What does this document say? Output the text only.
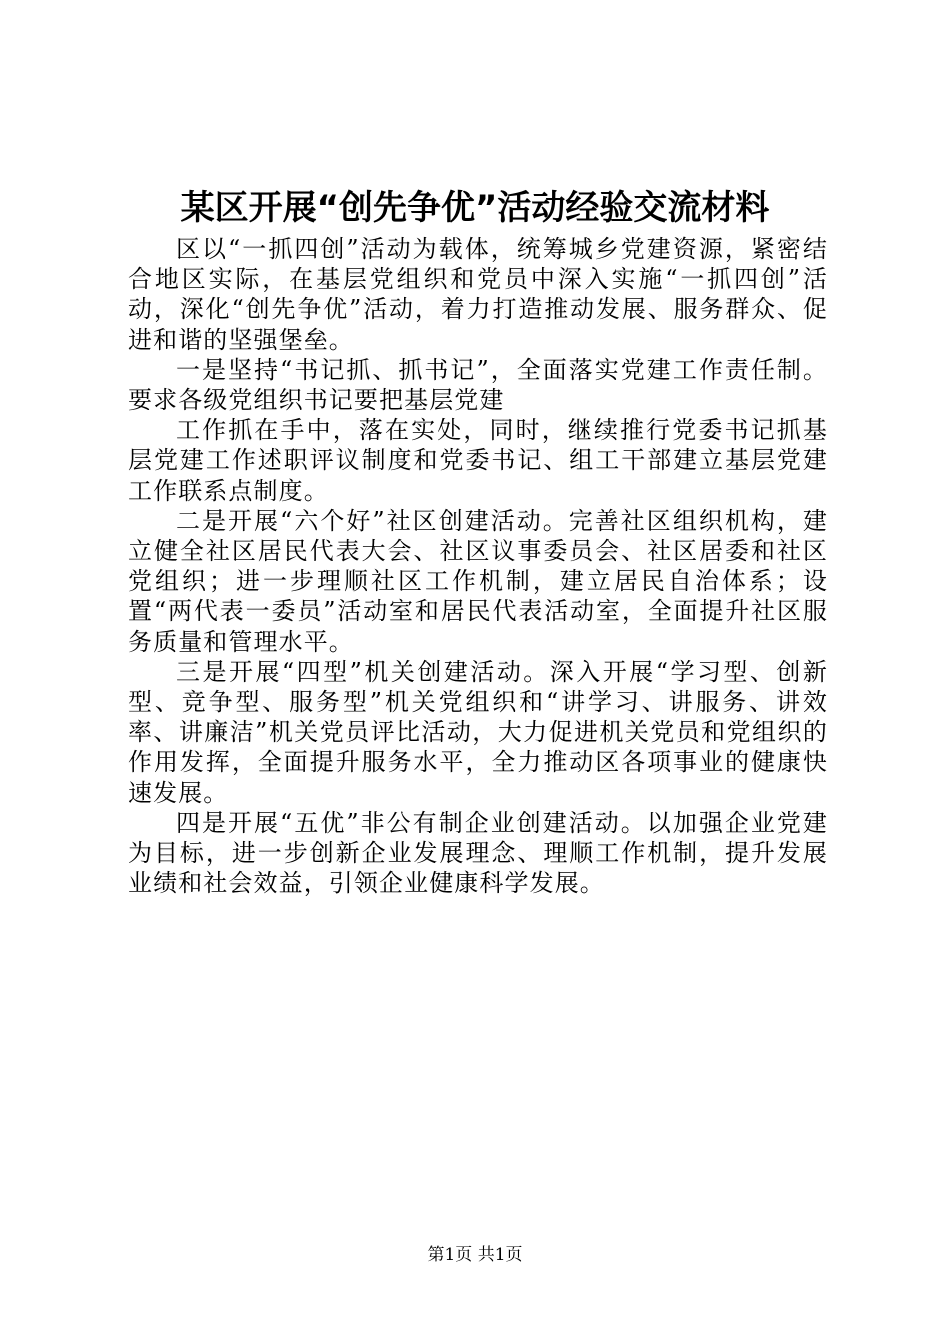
某区开展“创先争优”活动经验交流材料

区以“一抓四创”活动为载体，统筹城乡党建资源，紧密结合地区实际，在基层党组织和党员中深入实施“一抓四创”活动，深化“创先争优”活动，着力打造推动发展、服务群众、促进和谐的坚强堡垒。

一是坚持“书记抓、抓书记”，全面落实党建工作责任制。要求各级党组织书记要把基层党建

工作抓在手中，落在实处，同时，继续推行党委书记抓基层党建工作述职评议制度和党委书记、组工干部建立基层党建工作联系点制度。

二是开展“六个好”社区创建活动。完善社区组织机构，建立健全社区居民代表大会、社区议事委员会、社区居委和社区党组织；进一步理顺社区工作机制，建立居民自治体系；设置“两代表一委员”活动室和居民代表活动室，全面提升社区服务质量和管理水平。

三是开展“四型”机关创建活动。深入开展“学习型、创新型、竞争型、服务型”机关党组织和“讲学习、讲服务、讲效率、讲廉洁”机关党员评比活动，大力促进机关党员和党组织的作用发挥，全面提升服务水平，全力推动区各项事业的健康快速发展。

四是开展“五优”非公有制企业创建活动。以加强企业党建为目标，进一步创新企业发展理念、理顺工作机制，提升发展业绩和社会效益，引领企业健康科学发展。

第1页 共1页
